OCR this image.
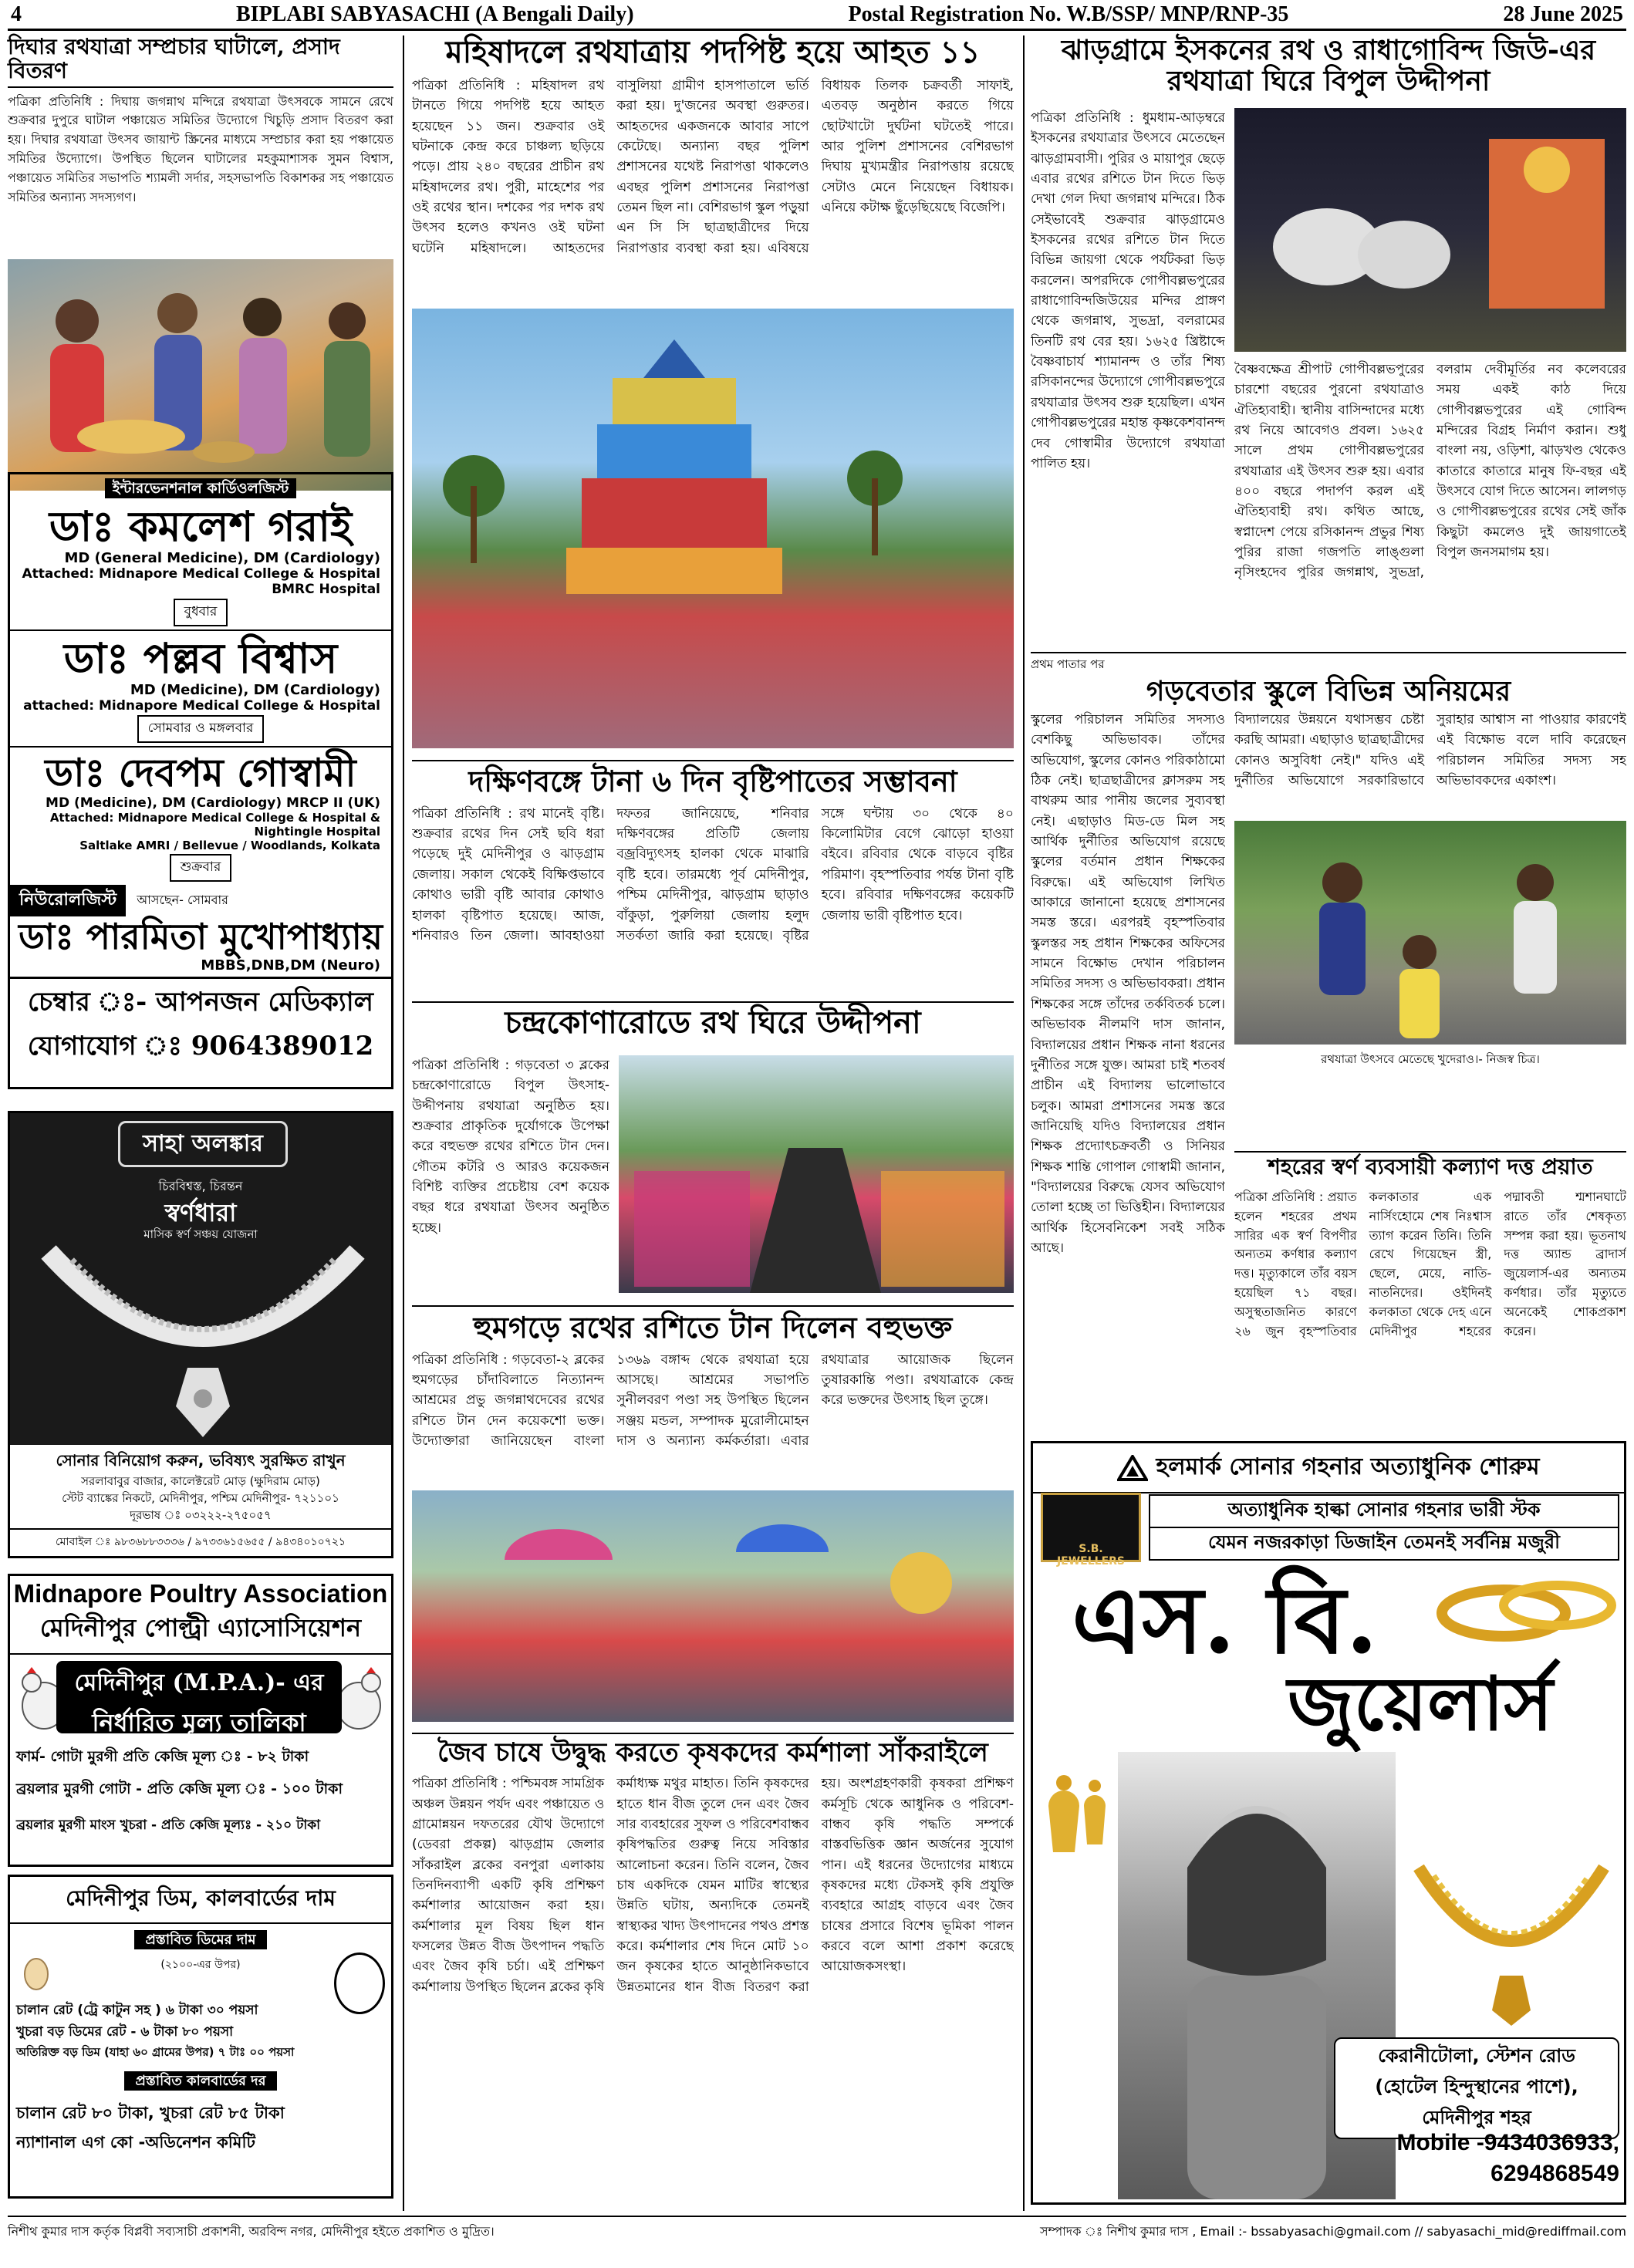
4	BIPLABI SABYASACHI (A Bengali Daily)	Postal Registration No. W.B/SSP/ MNP/RNP-35	28 June 2025
দিঘার রথযাত্রা সম্প্রচার ঘাটালে, প্রসাদ বিতরণ
পত্রিকা প্রতিনিধি : দিঘায় জগন্নাথ মন্দিরে রথযাত্রা উৎসবকে সামনে রেখে শুক্রবার দুপুরে ঘাটাল পঞ্চায়েত সমিতির উদ্যোগে খিচুড়ি প্রসাদ বিতরণ করা হয়। দিঘার রথযাত্রা উৎসব জায়ান্ট স্ক্রিনের মাধ্যমে সম্প্রচার করা হয় পঞ্চায়েত সমিতির উদ্যোগে। উপস্থিত ছিলেন ঘাটালের মহকুমাশাসক সুমন বিশ্বাস, পঞ্চায়েত সমিতির সভাপতি শ্যামলী সর্দার, সহসভাপতি বিকাশকর সহ পঞ্চায়েত সমিতির অন্যান্য সদস্যগণ।
ইন্টারভেনশনাল কার্ডিওলজিস্ট
ডাঃ কমলেশ গরাই
MD (General Medicine), DM (Cardiology)
Attached: Midnapore Medical College & Hospital
BMRC Hospital
বুধবার
ডাঃ পল্লব বিশ্বাস
MD (Medicine), DM (Cardiology)
attached: Midnapore Medical College & Hospital
সোমবার ও মঙ্গলবার
ডাঃ দেবপম গোস্বামী
MD (Medicine), DM (Cardiology) MRCP II (UK)
Attached: Midnapore Medical College & Hospital &
Nightingle Hospital
Saltlake AMRI / Bellevue / Woodlands, Kolkata
শুক্রবার
নিউরোলজিস্ট	আসছেন- সোমবার
ডাঃ পারমিতা মুখোপাধ্যায়
MBBS,DNB,DM (Neuro)
চেম্বার ঃ- আপনজন মেডিক্যাল
যোগাযোগ ঃ 9064389012
সাহা অলঙ্কার
চিরবিশ্বস্ত, চিরন্তন
স্বর্ণধারা
মাসিক স্বর্ণ সঞ্চয় যোজনা
সোনার বিনিয়োগ করুন, ভবিষ্যৎ সুরক্ষিত রাখুন
সরলাবাবুর বাজার, কালেক্টরেট মোড় (ক্ষুদিরাম মোড়)
স্টেট ব্যাঙ্কের নিকটে, মেদিনীপুর, পশ্চিম মেদিনীপুর- ৭২১১০১
দূরভাষ ঃ ০৩২২২-২৭৫০৫৭
মোবাইল ঃ ৯৮৩৬৮৮৩৩৩৬ / ৯৭৩৩৬১৫৬৫৫ / ৯৪৩৪০১০৭২১
Midnapore Poultry Association
মেদিনীপুর পোল্ট্রী এ্যাসোসিয়েশন
মেদিনীপুর (M.P.A.)- এর
নির্ধারিত মূল্য তালিকা
ফার্ম- গোটা মুরগী প্রতি কেজি মূল্য ঃ - ৮২ টাকা
ব্রয়লার মুরগী গোটা - প্রতি কেজি মূল্য ঃ - ১০০ টাকা
ব্রয়লার মুরগী মাংস খুচরা - প্রতি কেজি মূল্যঃ - ২১০ টাকা
মেদিনীপুর ডিম, কালবার্ডের দাম
প্রস্তাবিত ডিমের দাম
(২১০০-এর উপর)
চালান রেট (ট্রে কাটুন সহ ) ৬ টাকা ৩০ পয়সা
খুচরা বড় ডিমের রেট - ৬ টাকা ৮০ পয়সা
অতিরিক্ত বড় ডিম (যাহা ৬০ গ্রামের উপর) ৭ টাঃ ০০ পয়সা
প্রস্তাবিত কালবার্ডের দর
চালান রেট ৮০ টাকা, খুচরা রেট ৮৫ টাকা
ন্যাশানাল এগ কো -অডিনেশন কমিটি
মহিষাদলে রথযাত্রায় পদপিষ্ট হয়ে আহত ১১
পত্রিকা প্রতিনিধি : মহিষাদল রথ টানতে গিয়ে পদপিষ্ট হয়ে আহত হয়েছেন ১১ জন। শুক্রবার ওই ঘটনাকে কেন্দ্র করে চাঞ্চল্য ছড়িয়ে পড়ে। প্রায় ২৪০ বছরের প্রাচীন রথ মহিষাদলের রথ। পুরী, মাহেশের পর ওই রথের স্থান। দশকের পর দশক রথ উৎসব হলেও কখনও ওই ঘটনা ঘটেনি মহিষাদলে। আহতদের বাসুলিয়া গ্রামীণ হাসপাতালে ভর্তি করা হয়। দু'জনের অবস্থা গুরুতর। আহতদের একজনকে আবার সাপে কেটেছে। অন্যান্য বছর পুলিশ প্রশাসনের যথেষ্ট নিরাপত্তা থাকলেও এবছর পুলিশ প্রশাসনের নিরাপত্তা তেমন ছিল না। বেশিরভাগ স্কুল পড়ুয়া এন সি সি ছাত্রছাত্রীদের দিয়ে নিরাপত্তার ব্যবস্থা করা হয়। এবিষয়ে বিধায়ক তিলক চক্রবর্তী সাফাই, এতবড় অনুষ্ঠান করতে গিয়ে ছোটখাটো দুর্ঘটনা ঘটতেই পারে। আর পুলিশ প্রশাসনের বেশিরভাগ দিঘায় মুখ্যমন্ত্রীর নিরাপত্তায় রয়েছে সেটাও মেনে নিয়েছেন বিধায়ক। এনিয়ে কটাক্ষ ছুঁড়েছিয়েছে বিজেপি।
দক্ষিণবঙ্গে টানা ৬ দিন বৃষ্টিপাতের সম্ভাবনা
পত্রিকা প্রতিনিধি : রথ মানেই বৃষ্টি। শুক্রবার রথের দিন সেই ছবি ধরা পড়েছে দুই মেদিনীপুর ও ঝাড়গ্রাম জেলায়। সকাল থেকেই বিক্ষিপ্তভাবে কোথাও ভারী বৃষ্টি আবার কোথাও হালকা বৃষ্টিপাত হয়েছে। আজ, শনিবারও তিন জেলা। আবহাওয়া দফতর জানিয়েছে, শনিবার দক্ষিণবঙ্গের প্রতিটি জেলায় বজ্রবিদ্যুৎসহ হালকা থেকে মাঝারি বৃষ্টি হবে। তারমধ্যে পূর্ব মেদিনীপুর, পশ্চিম মেদিনীপুর, ঝাড়গ্রাম ছাড়াও বাঁকুড়া, পুরুলিয়া জেলায় হলুদ সতর্কতা জারি করা হয়েছে। বৃষ্টির সঙ্গে ঘন্টায় ৩০ থেকে ৪০ কিলোমিটার বেগে ঝোড়ো হাওয়া বইবে। রবিবার থেকে বাড়বে বৃষ্টির পরিমাণ। বৃহস্পতিবার পর্যন্ত টানা বৃষ্টি হবে। রবিবার দক্ষিণবঙ্গের কয়েকটি জেলায় ভারী বৃষ্টিপাত হবে।
চন্দ্রকোণারোডে রথ ঘিরে উদ্দীপনা
পত্রিকা প্রতিনিধি : গড়বেতা ৩ ব্লকের চন্দ্রকোণারোডে বিপুল উৎসাহ-উদ্দীপনায় রথযাত্রা অনুষ্ঠিত হয়। শুক্রবার প্রাকৃতিক দুর্যোগকে উপেক্ষা করে বহুভক্ত রথের রশিতে টান দেন। গৌতম কটরি ও আরও কয়েকজন বিশিষ্ট ব্যক্তির প্রচেষ্টায় বেশ কয়েক বছর ধরে রথযাত্রা উৎসব অনুষ্ঠিত হচ্ছে।
হুমগড়ে রথের রশিতে টান দিলেন বহুভক্ত
পত্রিকা প্রতিনিধি : গড়বেতা-২ ব্লকের হুমগড়ের চাঁদাবিলাতে নিত্যানন্দ আশ্রমের প্রভু জগন্নাথদেবের রথের রশিতে টান দেন কয়েকশো ভক্ত। উদ্যোক্তারা জানিয়েছেন বাংলা ১৩৬৯ বঙ্গাব্দ থেকে রথযাত্রা হয়ে আসছে। আশ্রমের সভাপতি সুনীলবরণ পণ্ডা সহ উপস্থিত ছিলেন সঞ্জয় মন্ডল, সম্পাদক মুরোলীমোহন দাস ও অন্যান্য কর্মকর্তারা। এবার রথযাত্রার আয়োজক ছিলেন তুষারকান্তি পণ্ডা। রথযাত্রাকে কেন্দ্র করে ভক্তদের উৎসাহ ছিল তুঙ্গে।
জৈব চাষে উদ্বুদ্ধ করতে কৃষকদের কর্মশালা সাঁকরাইলে
পত্রিকা প্রতিনিধি : পশ্চিমবঙ্গ সামগ্রিক অঞ্চল উন্নয়ন পর্যদ এবং পঞ্চায়েত ও গ্রামোন্নয়ন দফতরের যৌথ উদ্যোগে (ডেবরা প্রকল্প) ঝাড়গ্রাম জেলার সাঁকরাইল ব্লকের বনপুরা এলাকায় তিনদিনব্যাপী একটি কৃষি প্রশিক্ষণ কর্মশালার আয়োজন করা হয়। কর্মশালার মূল বিষয় ছিল ধান ফসলের উন্নত বীজ উৎপাদন পদ্ধতি এবং জৈব কৃষি চর্চা। এই প্রশিক্ষণ কর্মশালায় উপস্থিত ছিলেন ব্লকের কৃষি কর্মাধ্যক্ষ মথুর মাহাত। তিনি কৃষকদের হাতে ধান বীজ তুলে দেন এবং জৈব সার ব্যবহারের সুফল ও পরিবেশবান্ধব কৃষিপদ্ধতির গুরুত্ব নিয়ে সবিস্তার আলোচনা করেন। তিনি বলেন, জৈব চাষ একদিকে যেমন মাটির স্বাস্থ্যের উন্নতি ঘটায়, অন্যদিকে তেমনই স্বাস্থ্যকর খাদ্য উৎপাদনের পথও প্রশস্ত করে। কর্মশালার শেষ দিনে মোট ১০ জন কৃষকের হাতে আনুষ্ঠানিকভাবে উন্নতমানের ধান বীজ বিতরণ করা হয়। অংশগ্রহণকারী কৃষকরা প্রশিক্ষণ কর্মসূচি থেকে আধুনিক ও পরিবেশ-বান্ধব কৃষি পদ্ধতি সম্পর্কে বাস্তবভিত্তিক জ্ঞান অর্জনের সুযোগ পান। এই ধরনের উদ্যোগের মাধ্যমে কৃষকদের মধ্যে টেকসই কৃষি প্রযুক্তি ব্যবহারে আগ্রহ বাড়বে এবং জৈব চাষের প্রসারে বিশেষ ভূমিকা পালন করবে বলে আশা প্রকাশ করেছে আয়োজকসংস্থা।
ঝাড়গ্রামে ইসকনের রথ ও রাধাগোবিন্দ জিউ-এর
রথযাত্রা ঘিরে বিপুল উদ্দীপনা
পত্রিকা প্রতিনিধি : ধুমধাম-আড়ম্বরে ইসকনের রথযাত্রার উৎসবে মেতেছেন ঝাড়গ্রামবাসী। পুরির ও মায়াপুর ছেড়ে এবার রথের রশিতে টান দিতে ভিড় দেখা গেল দিঘা জগন্নাথ মন্দিরে। ঠিক সেইভাবেই শুক্রবার ঝাড়গ্রামেও ইসকনের রথের রশিতে টান দিতে বিভিন্ন জায়গা থেকে পর্যটকরা ভিড় করলেন। অপরদিকে গোপীবল্লভপুরের রাধাগোবিন্দজিউয়ের মন্দির প্রাঙ্গণ থেকে জগন্নাথ, সুভদ্রা, বলরামের তিনটি রথ বের হয়। ১৬২৫ খ্রিষ্টাব্দে বৈষ্ণবাচার্য শ্যামানন্দ ও তাঁর শিষ্য রসিকানন্দের উদ্যোগে গোপীবল্লভপুরে রথযাত্রার উৎসব শুরু হয়েছিল। এখন গোপীবল্লভপুরের মহান্ত কৃষ্ণকেশবানন্দ দেব গোস্বামীর উদ্যোগে রথযাত্রা পালিত হয়।
বৈষ্ণবক্ষেত্র শ্রীপাট গোপীবল্লভপুরের চারশো বছরের পুরনো রথযাত্রাও ঐতিহ্যবাহী। স্থানীয় বাসিন্দাদের মধ্যে রথ নিয়ে আবেগও প্রবল। ১৬২৫ সালে প্রথম গোপীবল্লভপুরের রথযাত্রার এই উৎসব শুরু হয়। এবার ৪০০ বছরে পদার্পণ করল এই ঐতিহ্যবাহী রথ। কথিত আছে, স্বপ্নাদেশ পেয়ে রসিকানন্দ প্রভুর শিষ্য পুরির রাজা গজপতি লাঙ্গুলা নৃসিংহদেব পুরির জগন্নাথ, সুভদ্রা, বলরাম দেবীমূর্তির নব কলেবরের সময় একই কাঠ দিয়ে গোপীবল্লভপুরের এই গোবিন্দ মন্দিরের বিগ্রহ নির্মাণ করান। শুধু বাংলা নয়, ওড়িশা, ঝাড়খণ্ড থেকেও কাতারে কাতারে মানুষ ফি-বছর এই উৎসবে যোগ দিতে আসেন। লালগড় ও গোপীবল্লভপুরের রথের সেই জাঁক কিছুটা কমলেও দুই জায়গাতেই বিপুল জনসমাগম হয়।
প্রথম পাতার পর
গড়বেতার স্কুলে বিভিন্ন অনিয়মের
স্কুলের পরিচালন সমিতির সদস্যও বেশকিছু অভিভাবক। তাঁদের অভিযোগ, স্কুলের কোনও পরিকাঠামো ঠিক নেই। ছাত্রছাত্রীদের ক্লাসরুম সহ বাথরুম আর পানীয় জলের সুব্যবস্থা নেই। এছাড়াও মিড-ডে মিল সহ আর্থিক দুর্নীতির অভিযোগ রয়েছে স্কুলের বর্তমান প্রধান শিক্ষকের বিরুদ্ধে। এই অভিযোগ লিখিত আকারে জানানো হয়েছে প্রশাসনের সমস্ত স্তরে। এরপরই বৃহস্পতিবার স্কুলস্তর সহ প্রধান শিক্ষকের অফিসের সামনে বিক্ষোভ দেখান পরিচালন সমিতির সদস্য ও অভিভাবকরা। প্রধান শিক্ষকের সঙ্গে তাঁদের তর্কবিতর্ক চলে। অভিভাবক নীলমণি দাস জানান, বিদ্যালয়ের প্রধান শিক্ষক নানা ধরনের দুর্নীতির সঙ্গে যুক্ত। আমরা চাই শতবর্ষ প্রাচীন এই বিদ্যালয় ভালোভাবে চলুক। আমরা প্রশাসনের সমস্ত স্তরে জানিয়েছি যদিও বিদ্যালয়ের প্রধান শিক্ষক প্রদ্যোৎচক্রবর্তী ও সিনিয়র শিক্ষক শান্তি গোপাল গোস্বামী জানান, "বিদ্যালয়ের বিরুদ্ধে যেসব অভিযোগ তোলা হচ্ছে তা ভিত্তিহীন। বিদ্যালয়ের আর্থিক হিসেবনিকেশ সবই সঠিক আছে।
বিদ্যালয়ের উন্নয়নে যথাসম্ভব চেষ্টা করছি আমরা। এছাড়াও ছাত্রছাত্রীদের কোনও অসুবিধা নেই।" যদিও এই দুর্নীতির অভিযোগে সরকারিভাবে সুরাহার আশ্বাস না পাওয়ার কারণেই এই বিক্ষোভ বলে দাবি করেছেন পরিচালন সমিতির সদস্য সহ অভিভাবকদের একাংশ।
রথযাত্রা উৎসবে মেতেছে খুদেরাও।- নিজস্ব চিত্র।
শহরের স্বর্ণ ব্যবসায়ী কল্যাণ দত্ত প্রয়াত
পত্রিকা প্রতিনিধি : প্রয়াত হলেন শহরের প্রথম সারির এক স্বর্ণ বিপণীর অন্যতম কর্ণধার কল্যাণ দত্ত। মৃত্যুকালে তাঁর বয়স হয়েছিল ৭১ বছর। অসুস্থতাজনিত কারণে ২৬ জুন বৃহস্পতিবার কলকাতার এক নার্সিংহোমে শেষ নিঃশ্বাস ত্যাগ করেন তিনি। তিনি রেখে গিয়েছেন স্ত্রী, ছেলে, মেয়ে, নাতি-নাতনিদের। ওইদিনই কলকাতা থেকে দেহ এনে মেদিনীপুর শহরের পদ্মাবতী শ্মশানঘাটে রাতে তাঁর শেষকৃত্য সম্পন্ন করা হয়। ভূতনাথ দত্ত অ্যান্ড ব্রাদার্স জুয়েলার্স-এর অন্যতম কর্ণধার। তাঁর মৃত্যুতে অনেকেই শোকপ্রকাশ করেন।
হলমার্ক সোনার গহনার অত্যাধুনিক শোরুম
S.B. JEWELLERS
অত্যাধুনিক হাল্কা সোনার গহনার ভারী স্টক
যেমন নজরকাড়া ডিজাইন তেমনই সর্বনিম্ন মজুরী
এস. বি.
জুয়েলার্স
কেরানীটোলা, স্টেশন রোড
(হোটেল হিন্দুস্থানের পাশে),
মেদিনীপুর শহর
Mobile -9434036933,
6294868549
নিশীথ কুমার দাস কর্তৃক বিপ্লবী সব্যসাচী প্রকাশনী, অরবিন্দ নগর, মেদিনীপুর হইতে প্রকাশিত ও মুদ্রিত।	সম্পাদক ঃ নিশীথ কুমার দাস , Email :- bssabyasachi@gmail.com // sabyasachi_mid@rediffmail.com
